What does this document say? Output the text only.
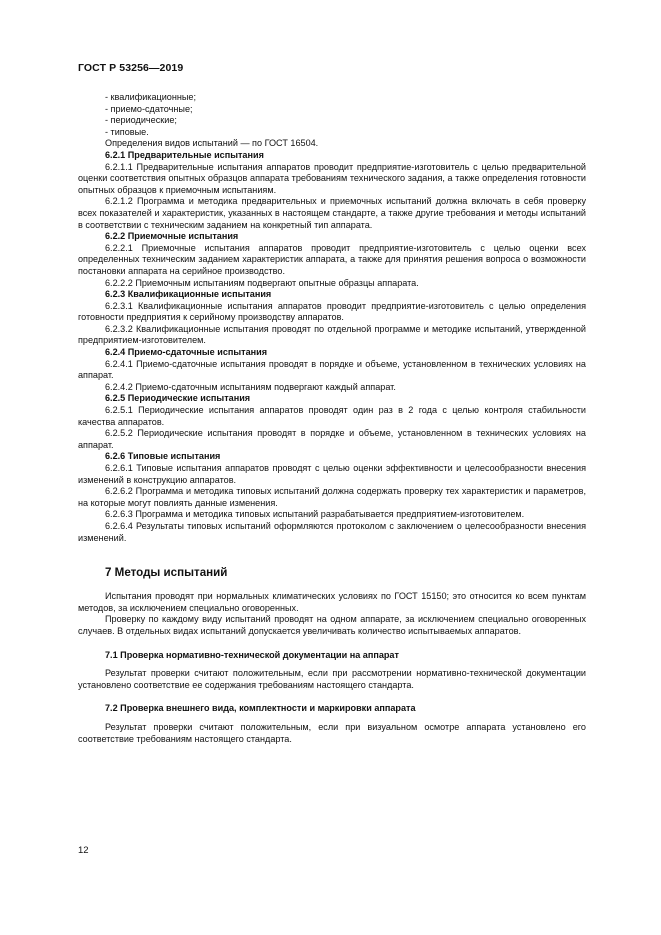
ГОСТ Р 53256—2019

- квалификационные;

- приемо-сдаточные;

- периодические;

- типовые.

Определения видов испытаний — по ГОСТ 16504.

6.2.1 Предварительные испытания

6.2.1.1 Предварительные испытания аппаратов проводит предприятие-изготовитель с целью предварительной оценки соответствия опытных образцов аппарата требованиям технического задания, а также определения готовности опытных образцов к приемочным испытаниям.

6.2.1.2 Программа и методика предварительных и приемочных испытаний должна включать в себя проверку всех показателей и характеристик, указанных в настоящем стандарте, а также другие требования и методы испытаний в соответствии с техническим заданием на конкретный тип аппарата.

6.2.2 Приемочные испытания

6.2.2.1 Приемочные испытания аппаратов проводит предприятие-изготовитель с целью оценки всех определенных техническим заданием характеристик аппарата, а также для принятия решения вопроса о возможности постановки аппарата на серийное производство.

6.2.2.2 Приемочным испытаниям подвергают опытные образцы аппарата.

6.2.3 Квалификационные испытания

6.2.3.1 Квалификационные испытания аппаратов проводит предприятие-изготовитель с целью определения готовности предприятия к серийному производству аппаратов.

6.2.3.2 Квалификационные испытания проводят по отдельной программе и методике испытаний, утвержденной предприятием-изготовителем.

6.2.4 Приемо-сдаточные испытания

6.2.4.1 Приемо-сдаточные испытания проводят в порядке и объеме, установленном в технических условиях на аппарат.

6.2.4.2 Приемо-сдаточным испытаниям подвергают каждый аппарат.

6.2.5 Периодические испытания

6.2.5.1 Периодические испытания аппаратов проводят один раз в 2 года с целью контроля стабильности качества аппаратов.

6.2.5.2 Периодические испытания проводят в порядке и объеме, установленном в технических условиях на аппарат.

6.2.6 Типовые испытания

6.2.6.1 Типовые испытания аппаратов проводят с целью оценки эффективности и целесообразности внесения изменений в конструкцию аппаратов.

6.2.6.2 Программа и методика типовых испытаний должна содержать проверку тех характеристик и параметров, на которые могут повлиять данные изменения.

6.2.6.3 Программа и методика типовых испытаний разрабатывается предприятием-изготовителем.

6.2.6.4 Результаты типовых испытаний оформляются протоколом с заключением о целесообразности внесения изменений.

7 Методы испытаний

Испытания проводят при нормальных климатических условиях по ГОСТ 15150; это относится ко всем пунктам методов, за исключением специально оговоренных.

Проверку по каждому виду испытаний проводят на одном аппарате, за исключением специально оговоренных случаев. В отдельных видах испытаний допускается увеличивать количество испытываемых аппаратов.

7.1 Проверка нормативно-технической документации на аппарат

Результат проверки считают положительным, если при рассмотрении нормативно-технической документации установлено соответствие ее содержания требованиям настоящего стандарта.

7.2 Проверка внешнего вида, комплектности и маркировки аппарата

Результат проверки считают положительным, если при визуальном осмотре аппарата установлено его соответствие требованиям настоящего стандарта.

12
